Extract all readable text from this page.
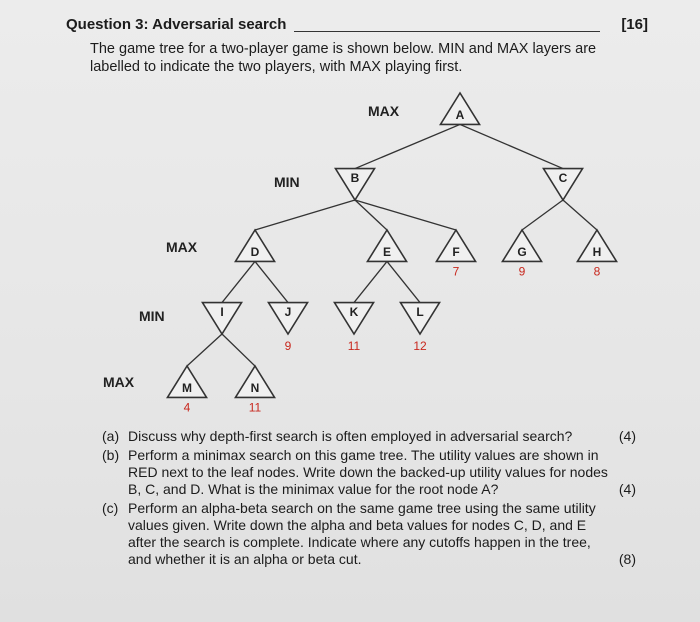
Question 3: Adversarial search	[16]

The game tree for a two-player game is shown below. MIN and MAX layers are

labelled to indicate the two players, with MAX playing first.

MAX
MIN
MAX
MIN
MAX
A
B	C
D	E	F
7
G
9
H
8
I	J
9
K
11
L
12
M
4
N
11
(a) Discuss why depth-first search is often employed in adversarial search?	(4)
(b) Perform a minimax search on this game tree. The utility values are shown in
RED next to the leaf nodes. Write down the backed-up utility values for nodes
B, C, and D. What is the minimax value for the root node A?	(4)
(c) Perform an alpha-beta search on the same game tree using the same utility
values given. Write down the alpha and beta values for nodes C, D, and E
after the search is complete. Indicate where any cutoffs happen in the tree,
and whether it is an alpha or beta cut.	(8)
